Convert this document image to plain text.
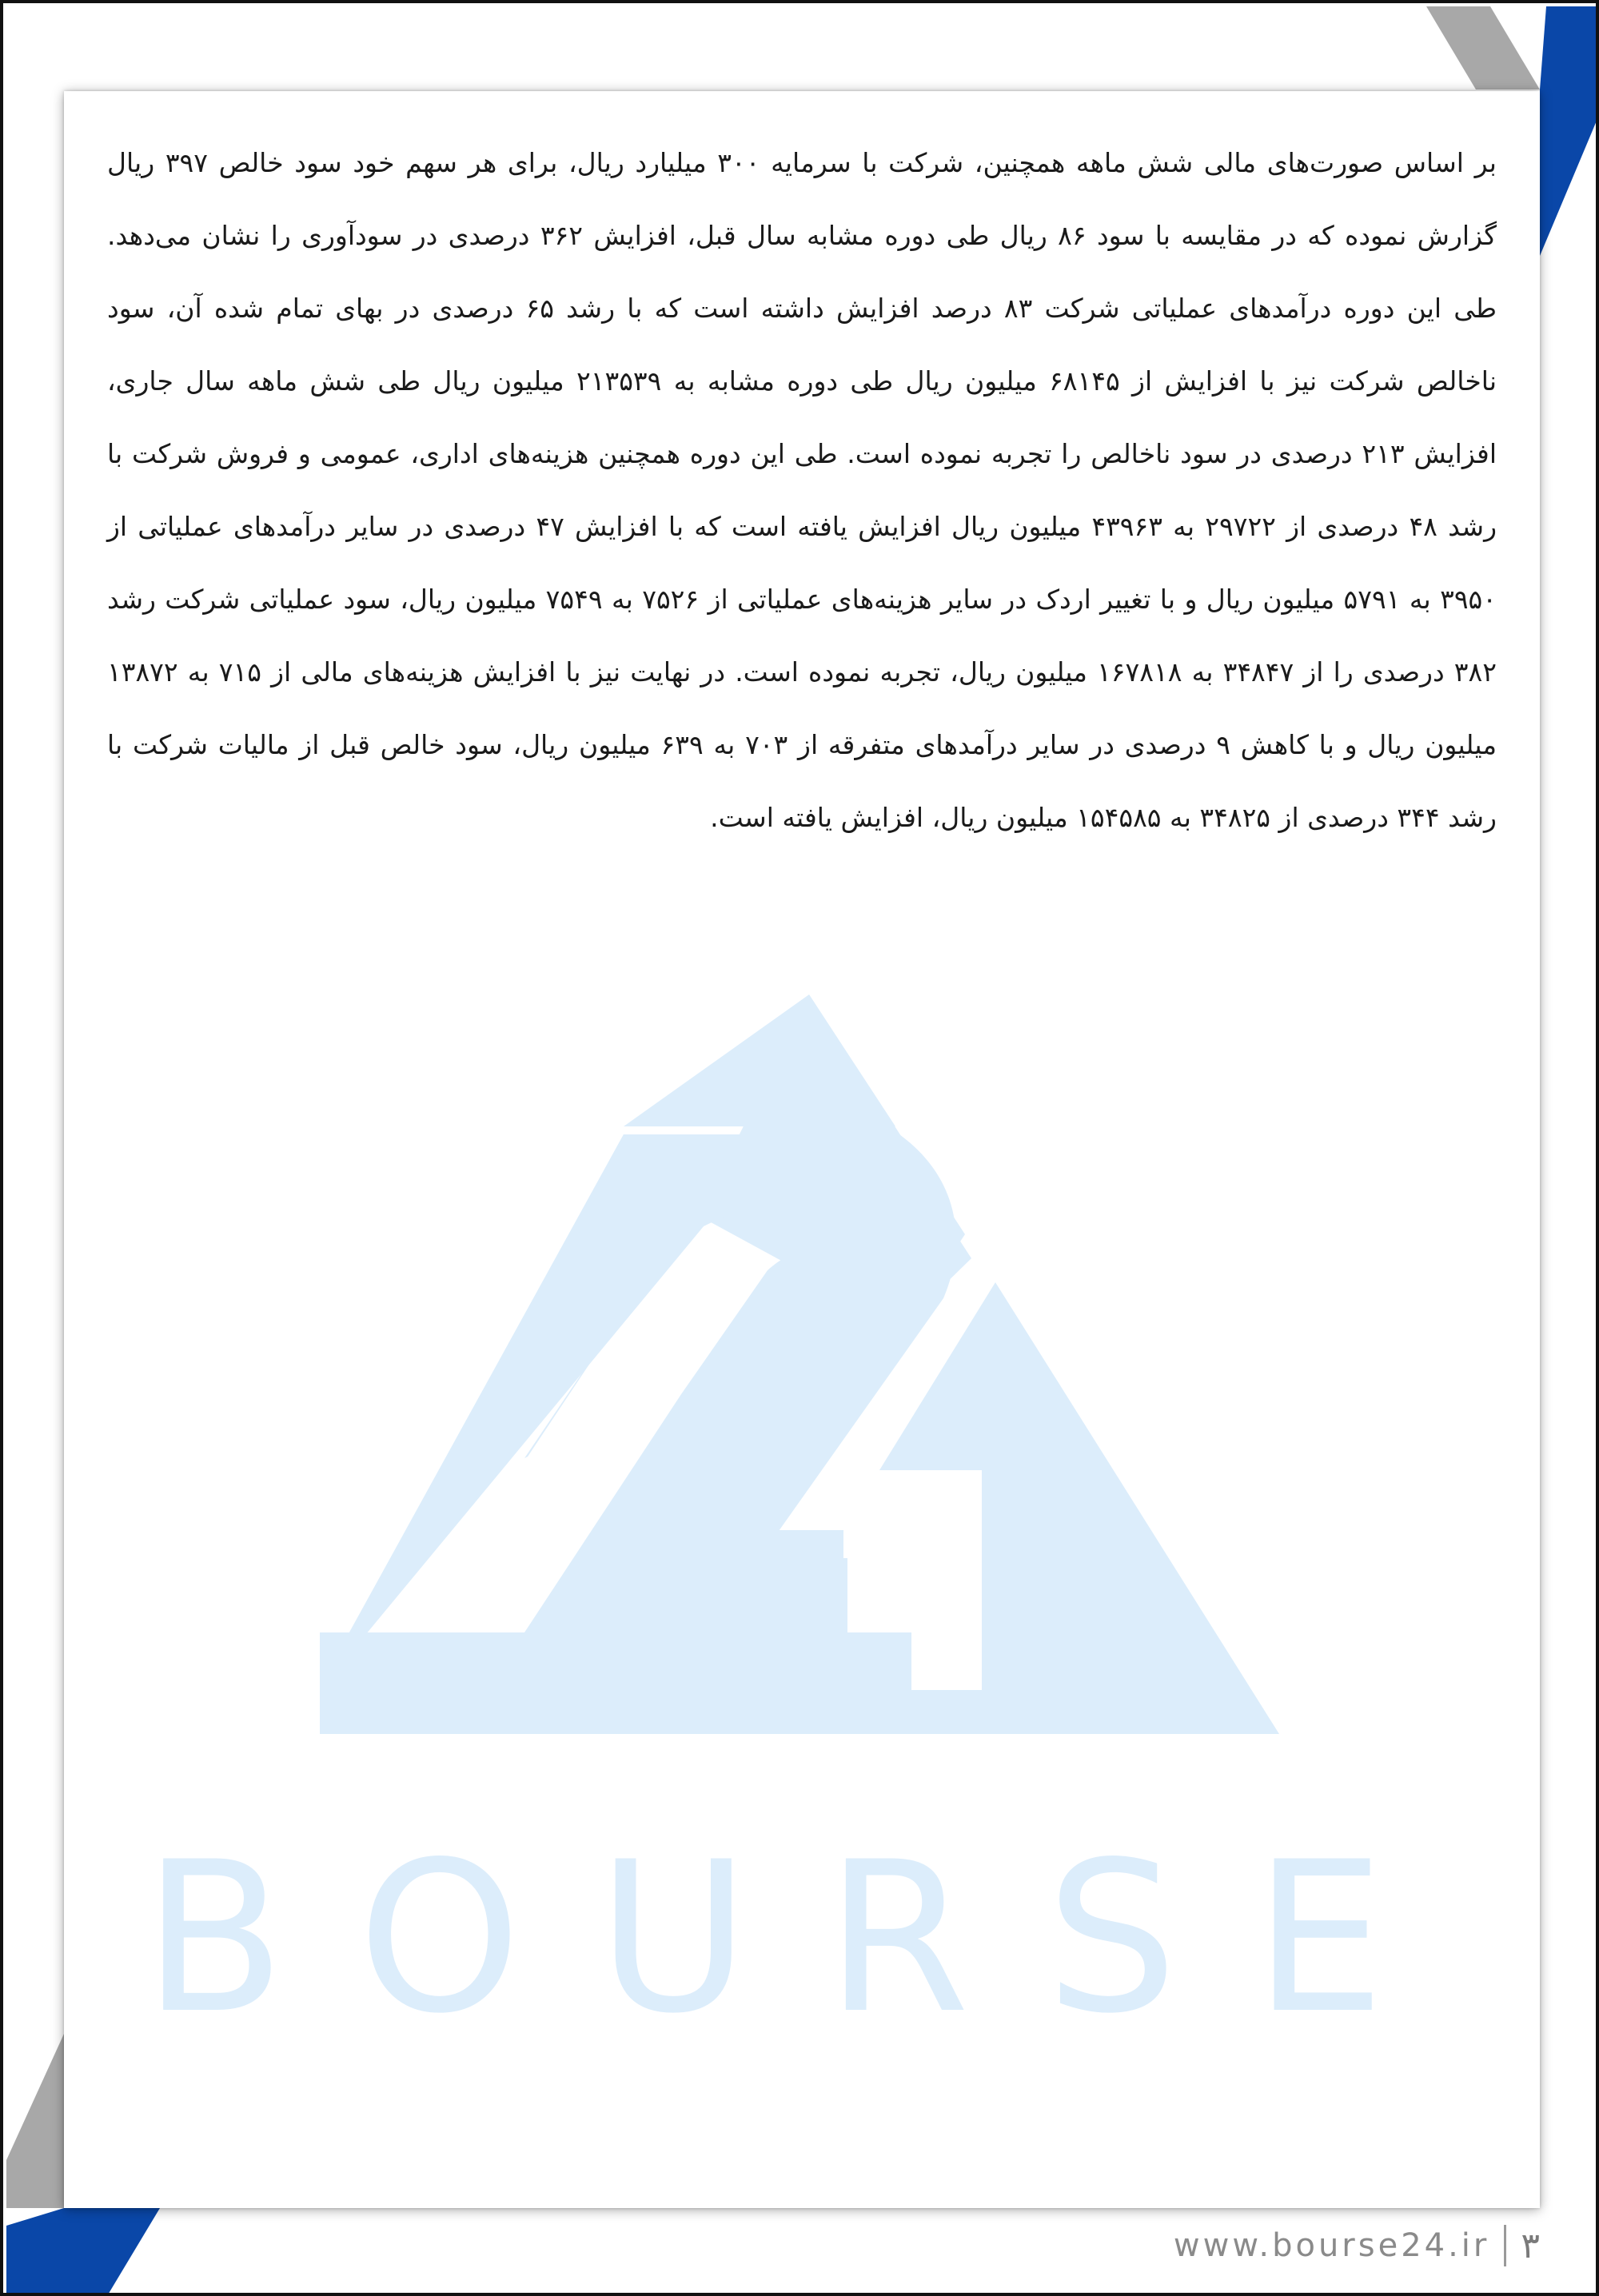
BOURSE
بر اساس صورت‌های مالی شش ماهه همچنین، شرکت با سرمایه ۳۰۰ میلیارد ریال، برای هر سهم خود سود خالص ۳۹۷ ریال گزارش نموده که در مقایسه با سود ۸۶ ریال طی دوره مشابه سال قبل، افزایش ۳۶۲ درصدی در سودآوری را نشان می‌دهد. طی این دوره درآمدهای عملیاتی شرکت ۸۳ درصد افزایش داشته است که با رشد ۶۵ درصدی در بهای تمام شده آن، سود ناخالص شرکت نیز با افزایش از ۶۸۱۴۵ میلیون ریال طی دوره مشابه به ۲۱۳۵۳۹ میلیون ریال طی شش ماهه سال جاری، افزایش ۲۱۳ درصدی در سود ناخالص را تجربه نموده است. طی این دوره همچنین هزینه‌های اداری، عمومی و فروش شرکت با رشد ۴۸ درصدی از ۲۹۷۲۲ به ۴۳۹۶۳ میلیون ریال افزایش یافته است که با افزایش ۴۷ درصدی در سایر درآمدهای عملیاتی از ۳۹۵۰ به ۵۷۹۱ میلیون ریال و با تغییر اردک در سایر هزینه‌های عملیاتی از ۷۵۲۶ به ۷۵۴۹ میلیون ریال، سود عملیاتی شرکت رشد ۳۸۲ درصدی را از ۳۴۸۴۷ به ۱۶۷۸۱۸ میلیون ریال، تجربه نموده است. در نهایت نیز با افزایش هزینه‌های مالی از ۷۱۵ به ۱۳۸۷۲ میلیون ریال و با کاهش ۹ درصدی در سایر درآمدهای متفرقه از ۷۰۳ به ۶۳۹ میلیون ریال، سود خالص قبل از مالیات شرکت با رشد ۳۴۴ درصدی از ۳۴۸۲۵ به ۱۵۴۵۸۵ میلیون ریال، افزایش یافته است.
www.bourse24.ir ۳
